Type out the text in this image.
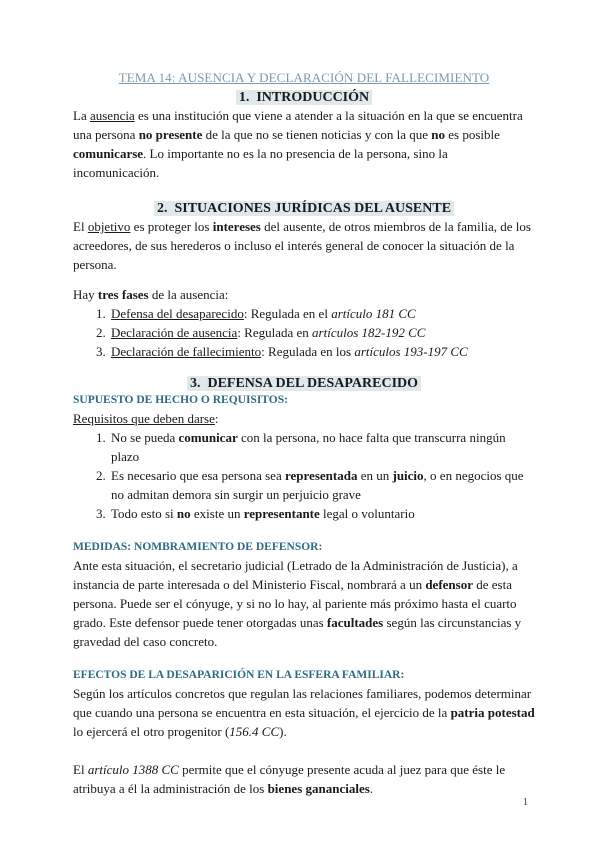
TEMA 14: AUSENCIA Y DECLARACIÓN DEL FALLECIMIENTO
1. INTRODUCCIÓN

La ausencia es una institución que viene a atender a la situación en la que se encuentra una persona no presente de la que no se tienen noticias y con la que no es posible comunicarse. Lo importante no es la no presencia de la persona, sino la incomunicación.

2. SITUACIONES JURÍDICAS DEL AUSENTE

El objetivo es proteger los intereses del ausente, de otros miembros de la familia, de los acreedores, de sus herederos o incluso el interés general de conocer la situación de la persona.

Hay tres fases de la ausencia:

1. Defensa del desaparecido: Regulada en el artículo 181 CC
2. Declaración de ausencia: Regulada en artículos 182-192 CC
3. Declaración de fallecimiento: Regulada en los artículos 193-197 CC
3. DEFENSA DEL DESAPARECIDO
SUPUESTO DE HECHO O REQUISITOS:

Requisitos que deben darse:

1. No se pueda comunicar con la persona, no hace falta que transcurra ningún plazo
2. Es necesario que esa persona sea representada en un juicio, o en negocios que no admitan demora sin surgir un perjuicio grave
3. Todo esto si no existe un representante legal o voluntario
MEDIDAS: NOMBRAMIENTO DE DEFENSOR:

Ante esta situación, el secretario judicial (Letrado de la Administración de Justicia), a instancia de parte interesada o del Ministerio Fiscal, nombrará a un defensor de esta persona. Puede ser el cónyuge, y si no lo hay, al pariente más próximo hasta el cuarto grado. Este defensor puede tener otorgadas unas facultades según las circunstancias y gravedad del caso concreto.

EFECTOS DE LA DESAPARICIÓN EN LA ESFERA FAMILIAR:

Según los artículos concretos que regulan las relaciones familiares, podemos determinar que cuando una persona se encuentra en esta situación, el ejercicio de la patria potestad lo ejercerá el otro progenitor (156.4 CC).

El artículo 1388 CC permite que el cónyuge presente acuda al juez para que éste le atribuya a él la administración de los bienes gananciales.

1
